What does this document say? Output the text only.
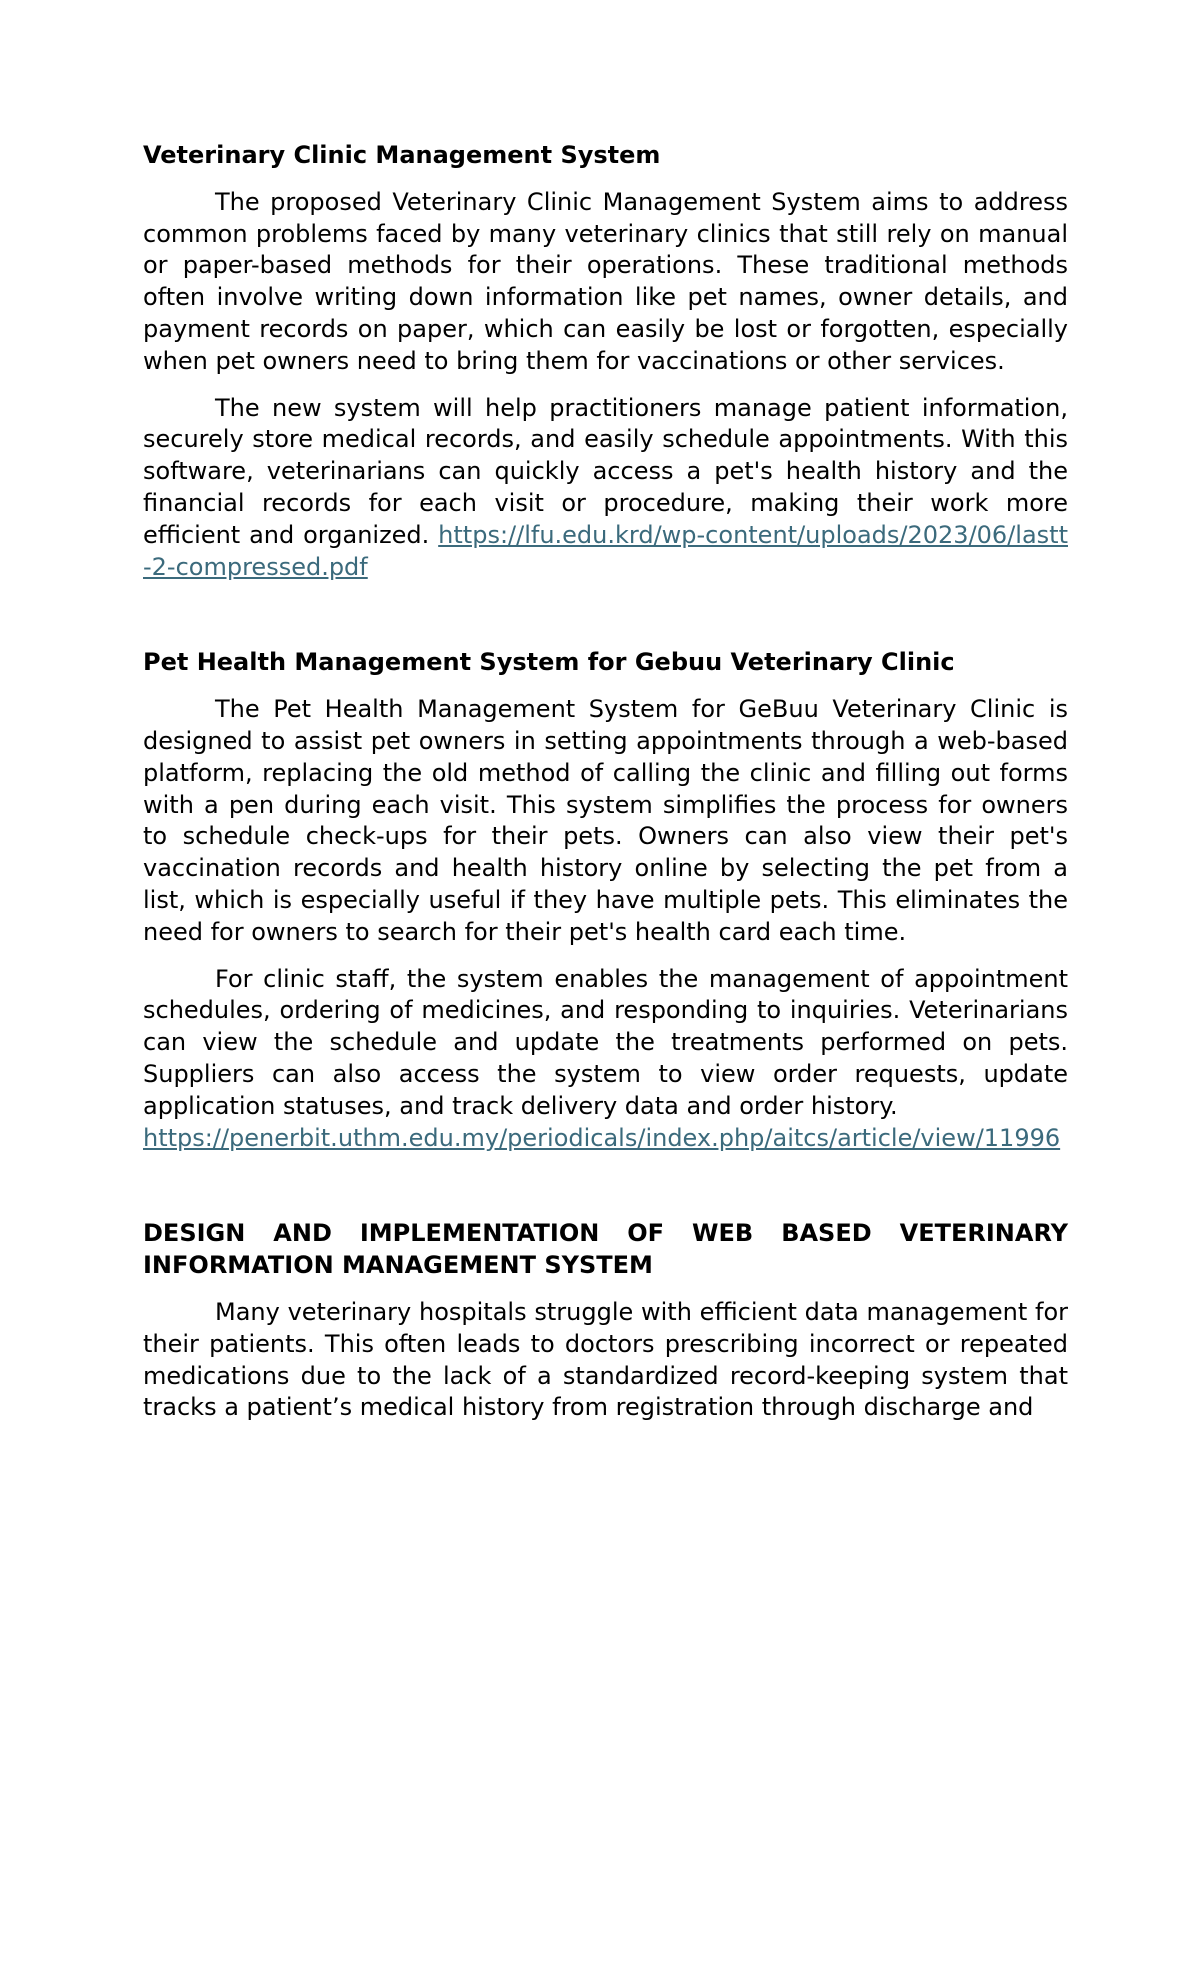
Veterinary Clinic Management System

The proposed Veterinary Clinic Management System aims to address common problems faced by many veterinary clinics that still rely on manual or paper-based methods for their operations. These traditional methods often involve writing down information like pet names, owner details, and payment records on paper, which can easily be lost or forgotten, especially when pet owners need to bring them for vaccinations or other services.

The new system will help practitioners manage patient information, securely store medical records, and easily schedule appointments. With this software, veterinarians can quickly access a pet's health history and the financial records for each visit or procedure, making their work more efficient and organized. https://lfu.edu.krd/wp-content/uploads/2023/06/lastt-2-compressed.pdf

Pet Health Management System for Gebuu Veterinary Clinic

The Pet Health Management System for GeBuu Veterinary Clinic is designed to assist pet owners in setting appointments through a web-based platform, replacing the old method of calling the clinic and filling out forms with a pen during each visit. This system simplifies the process for owners to schedule check-ups for their pets. Owners can also view their pet's vaccination records and health history online by selecting the pet from a list, which is especially useful if they have multiple pets. This eliminates the need for owners to search for their pet's health card each time.

For clinic staff, the system enables the management of appointment schedules, ordering of medicines, and responding to inquiries. Veterinarians can view the schedule and update the treatments performed on pets. Suppliers can also access the system to view order requests, update application statuses, and track delivery data and order history.

https://penerbit.uthm.edu.my/periodicals/index.php/aitcs/article/view/11996

DESIGN AND IMPLEMENTATION OF WEB BASED VETERINARY INFORMATION MANAGEMENT SYSTEM

Many veterinary hospitals struggle with efficient data management for their patients. This often leads to doctors prescribing incorrect or repeated medications due to the lack of a standardized record-keeping system that tracks a patient’s medical history from registration through discharge and
